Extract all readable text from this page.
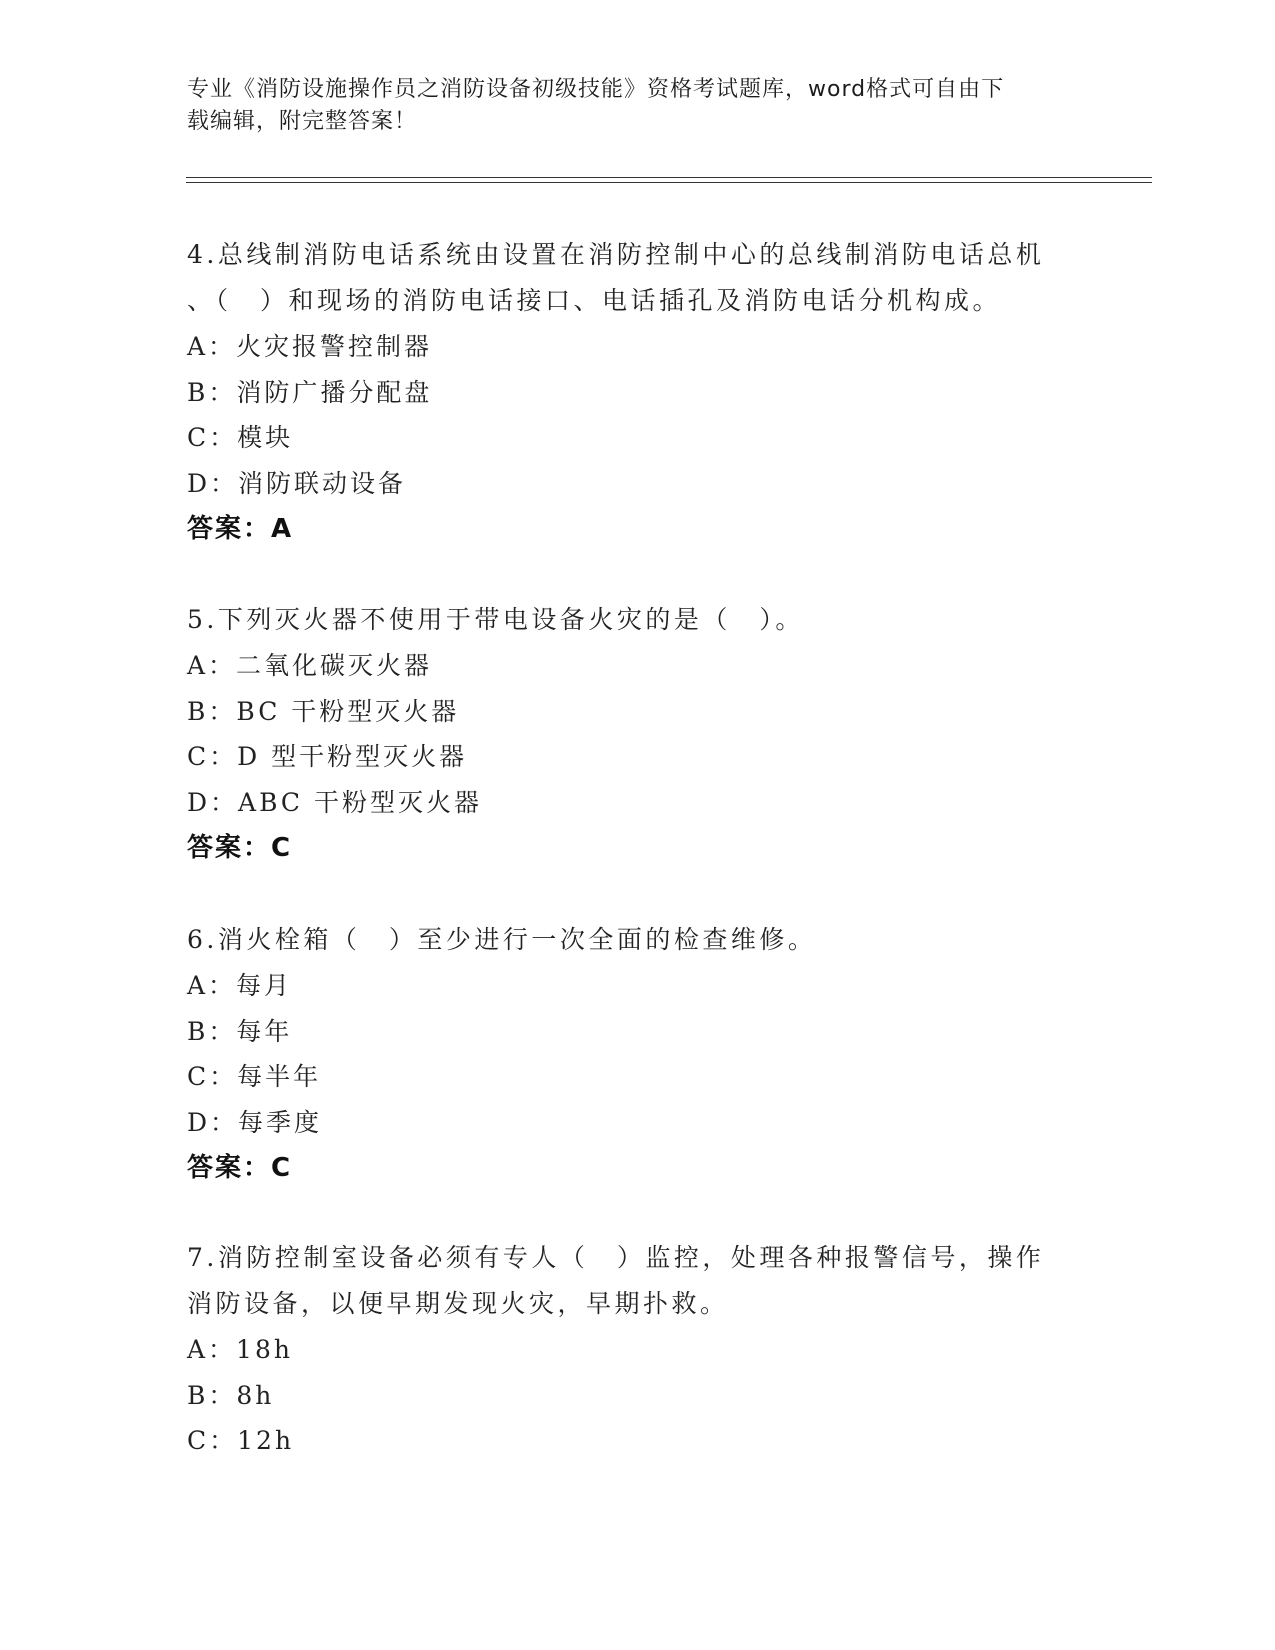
专业《消防设施操作员之消防设备初级技能》资格考试题库，word格式可自由下
载编辑，附完整答案！

4.总线制消防电话系统由设置在消防控制中心的总线制消防电话总机

、（　）和现场的消防电话接口、电话插孔及消防电话分机构成。

A：火灾报警控制器

B：消防广播分配盘

C：模块

D：消防联动设备

答案：A

5.下列灭火器不使用于带电设备火灾的是（　）。

A：二氧化碳灭火器

B：BC 干粉型灭火器

C：D 型干粉型灭火器

D：ABC 干粉型灭火器

答案：C

6.消火栓箱（　）至少进行一次全面的检查维修。

A：每月

B：每年

C：每半年

D：每季度

答案：C

7.消防控制室设备必须有专人（　）监控，处理各种报警信号，操作

消防设备，以便早期发现火灾，早期扑救。

A：18h

B：8h

C：12h
